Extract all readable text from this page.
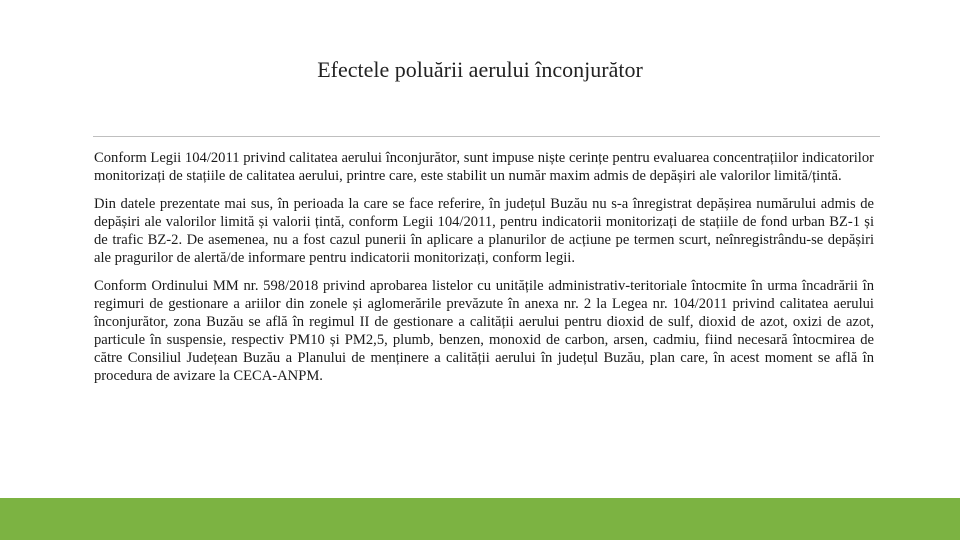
Efectele poluării aerului înconjurător

Conform Legii 104/2011 privind calitatea aerului înconjurător, sunt impuse niște cerințe pentru evaluarea concentrațiilor indicatorilor monitorizați de stațiile de calitatea aerului, printre care, este stabilit un număr maxim admis de depășiri ale valorilor limită/țintă.

Din datele prezentate mai sus, în perioada la care se face referire, în județul Buzău nu s-a înregistrat depășirea numărului admis de depășiri ale valorilor limită și valorii țintă, conform Legii 104/2011, pentru indicatorii monitorizați de stațiile de fond urban BZ-1 și de trafic BZ-2. De asemenea, nu a fost cazul punerii în aplicare a planurilor de acțiune pe termen scurt, neînregistrându-se depășiri ale pragurilor de alertă/de informare pentru indicatorii monitorizați, conform legii.

Conform Ordinului MM nr. 598/2018 privind aprobarea listelor cu unitățile administrativ-teritoriale întocmite în urma încadrării în regimuri de gestionare a ariilor din zonele și aglomerările prevăzute în anexa nr. 2 la Legea nr. 104/2011 privind calitatea aerului înconjurător, zona Buzău se află în regimul II de gestionare a calității aerului pentru dioxid de sulf, dioxid de azot, oxizi de azot, particule în suspensie, respectiv PM10 și PM2,5, plumb, benzen, monoxid de carbon, arsen, cadmiu, fiind necesară întocmirea de către Consiliul Județean Buzău a Planului de menținere a calității aerului în județul Buzău, plan care, în acest moment se află în procedura de avizare la CECA-ANPM.
